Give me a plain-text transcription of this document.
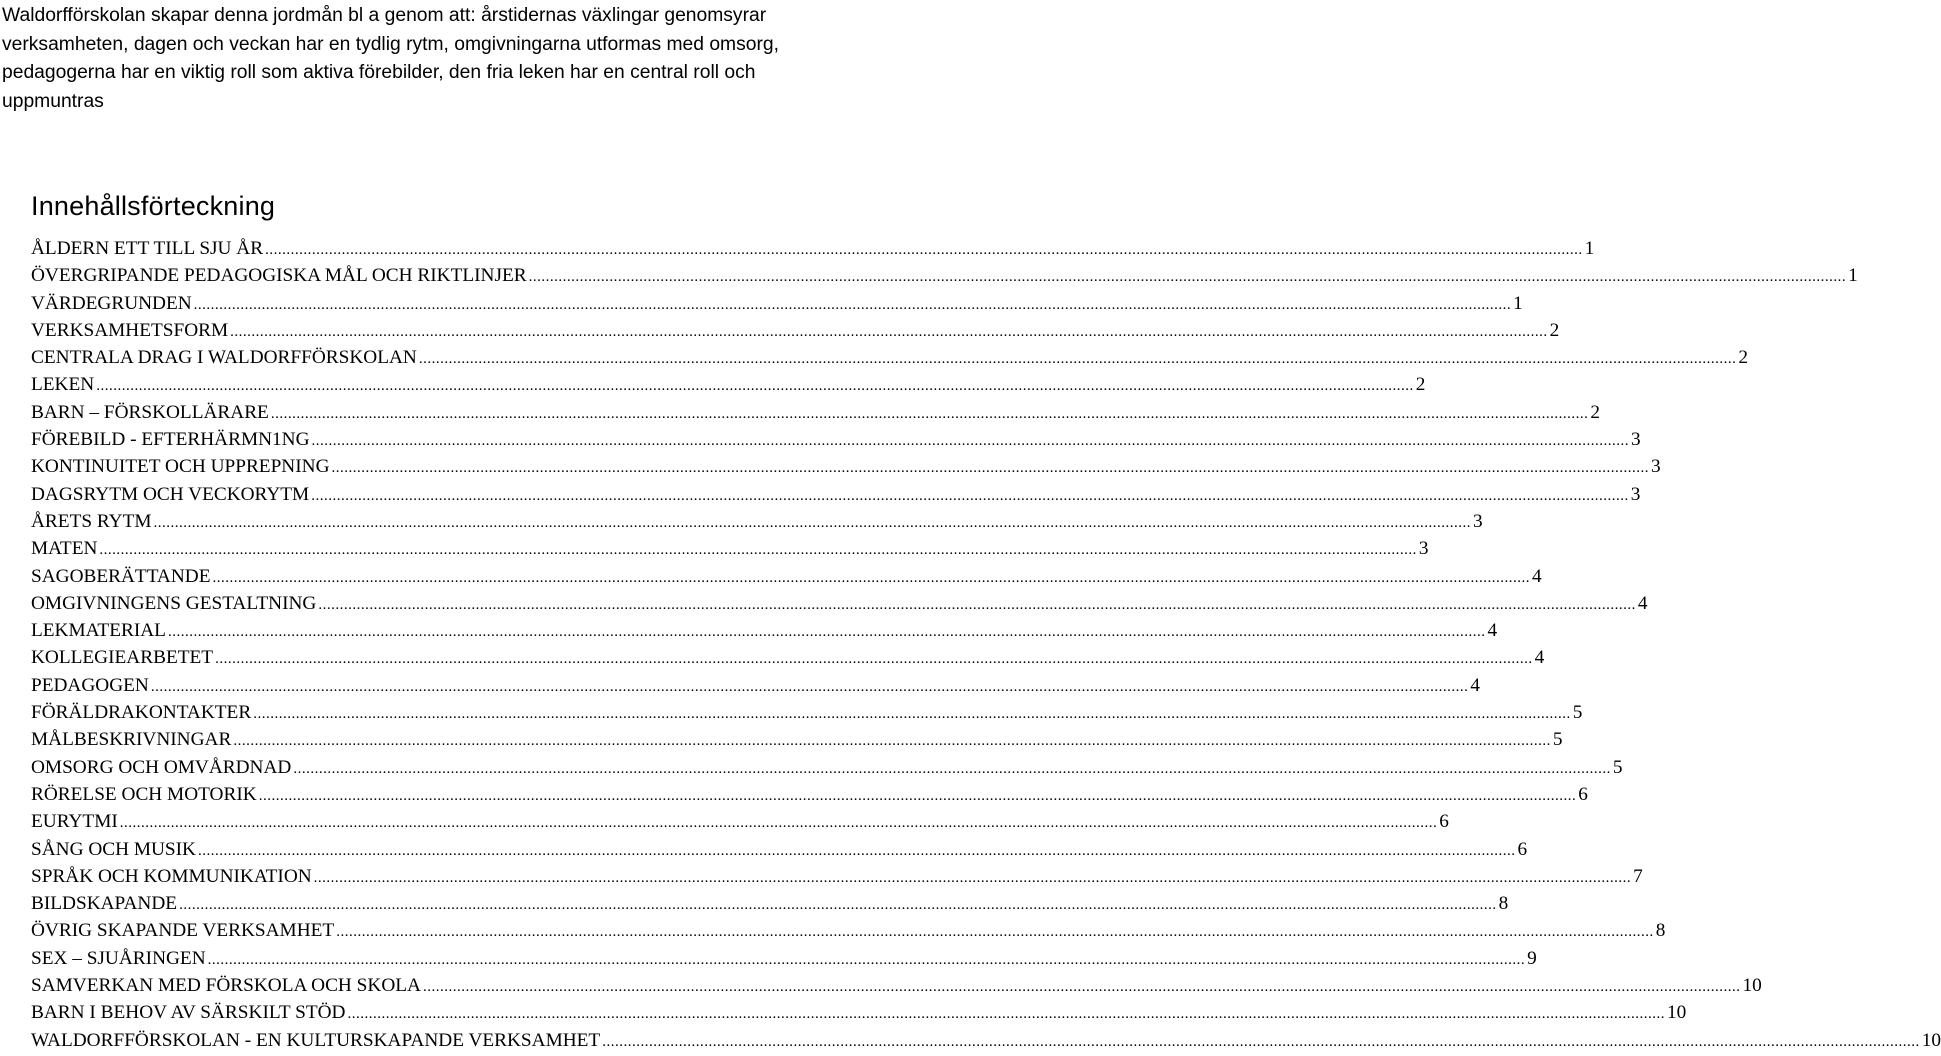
Waldorfförskolan skapar denna jordmån bl a genom att: årstidernas växlingar genomsyrar
verksamheten, dagen och veckan har en tydlig rytm, omgivningarna utformas med omsorg,
pedagogerna har en viktig roll som aktiva förebilder, den fria leken har en central roll och
uppmuntras

Innehållsförteckning
ÅLDERN ETT TILL SJU ÅR ...................................................................................................................................................................................................................................................................................................................... 1
ÖVERGRIPANDE PEDAGOGISKA MÅL OCH RIKTLINJER ...................................................................................................................................................................................................................................................................................................................... 1
VÄRDEGRUNDEN ...................................................................................................................................................................................................................................................................................................................... 1
VERKSAMHETSFORM ...................................................................................................................................................................................................................................................................................................................... 2
CENTRALA DRAG I WALDORFFÖRSKOLAN ...................................................................................................................................................................................................................................................................................................................... 2
LEKEN ...................................................................................................................................................................................................................................................................................................................... 2
BARN – FÖRSKOLLÄRARE ...................................................................................................................................................................................................................................................................................................................... 2
FÖREBILD - EFTERHÄRMN1NG ...................................................................................................................................................................................................................................................................................................................... 3
KONTINUITET OCH UPPREPNING ...................................................................................................................................................................................................................................................................................................................... 3
DAGSRYTM OCH VECKORYTM ...................................................................................................................................................................................................................................................................................................................... 3
ÅRETS RYTM ...................................................................................................................................................................................................................................................................................................................... 3
MATEN ...................................................................................................................................................................................................................................................................................................................... 3
SAGOBERÄTTANDE ...................................................................................................................................................................................................................................................................................................................... 4
OMGIVNINGENS GESTALTNING ...................................................................................................................................................................................................................................................................................................................... 4
LEKMATERIAL ...................................................................................................................................................................................................................................................................................................................... 4
KOLLEGIEARBETET ...................................................................................................................................................................................................................................................................................................................... 4
PEDAGOGEN ...................................................................................................................................................................................................................................................................................................................... 4
FÖRÄLDRAKONTAKTER ...................................................................................................................................................................................................................................................................................................................... 5
MÅLBESKRIVNINGAR ...................................................................................................................................................................................................................................................................................................................... 5
OMSORG OCH OMVÅRDNAD ...................................................................................................................................................................................................................................................................................................................... 5
RÖRELSE OCH MOTORIK ...................................................................................................................................................................................................................................................................................................................... 6
EURYTMI ...................................................................................................................................................................................................................................................................................................................... 6
SÅNG OCH MUSIK ...................................................................................................................................................................................................................................................................................................................... 6
SPRÅK OCH KOMMUNIKATION ...................................................................................................................................................................................................................................................................................................................... 7
BILDSKAPANDE ...................................................................................................................................................................................................................................................................................................................... 8
ÖVRIG SKAPANDE VERKSAMHET ...................................................................................................................................................................................................................................................................................................................... 8
SEX – SJUÅRINGEN ...................................................................................................................................................................................................................................................................................................................... 9
SAMVERKAN MED FÖRSKOLA OCH SKOLA ...................................................................................................................................................................................................................................................................................................................... 10
BARN I BEHOV AV SÄRSKILT STÖD ...................................................................................................................................................................................................................................................................................................................... 10
WALDORFFÖRSKOLAN - EN KULTURSKAPANDE VERKSAMHET ...................................................................................................................................................................................................................................................................................................................... 10
